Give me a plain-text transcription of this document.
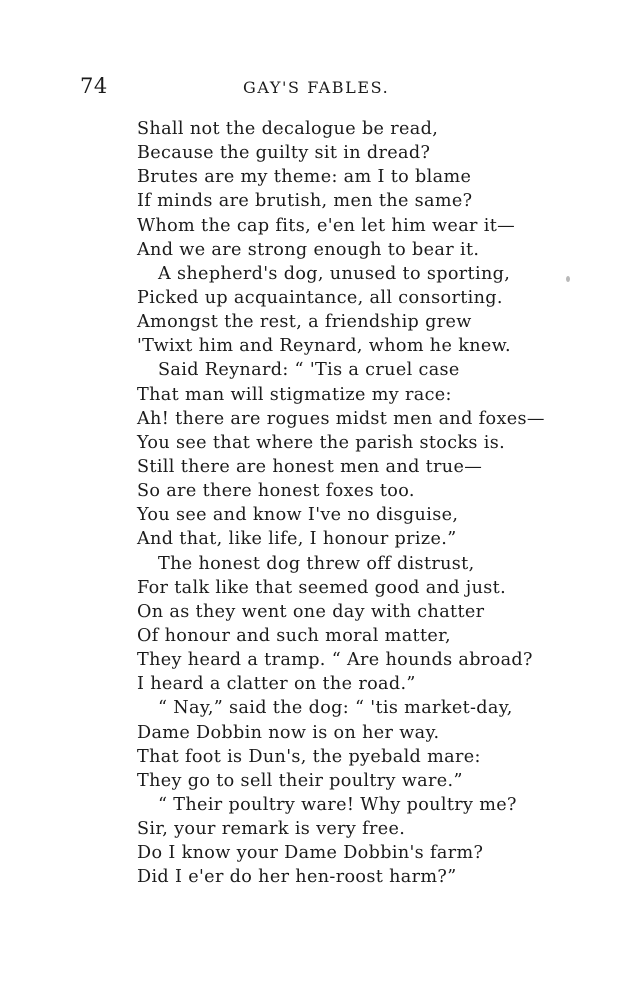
74	GAY'S FABLES.
Shall not the decalogue be read,
Because the guilty sit in dread?
Brutes are my theme: am I to blame
If minds are brutish, men the same?
Whom the cap fits, e'en let him wear it—
And we are strong enough to bear it.
A shepherd's dog, unused to sporting,
Picked up acquaintance, all consorting.
Amongst the rest, a friendship grew
'Twixt him and Reynard, whom he knew.
Said Reynard: “ 'Tis a cruel case
That man will stigmatize my race:
Ah! there are rogues midst men and foxes—
You see that where the parish stocks is.
Still there are honest men and true—
So are there honest foxes too.
You see and know I've no disguise,
And that, like life, I honour prize.”
The honest dog threw off distrust,
For talk like that seemed good and just.
On as they went one day with chatter
Of honour and such moral matter,
They heard a tramp. “ Are hounds abroad?
I heard a clatter on the road.”
“ Nay,” said the dog: “ 'tis market-day,
Dame Dobbin now is on her way.
That foot is Dun's, the pyebald mare:
They go to sell their poultry ware.”
“ Their poultry ware! Why poultry me?
Sir, your remark is very free.
Do I know your Dame Dobbin's farm?
Did I e'er do her hen-roost harm?”
